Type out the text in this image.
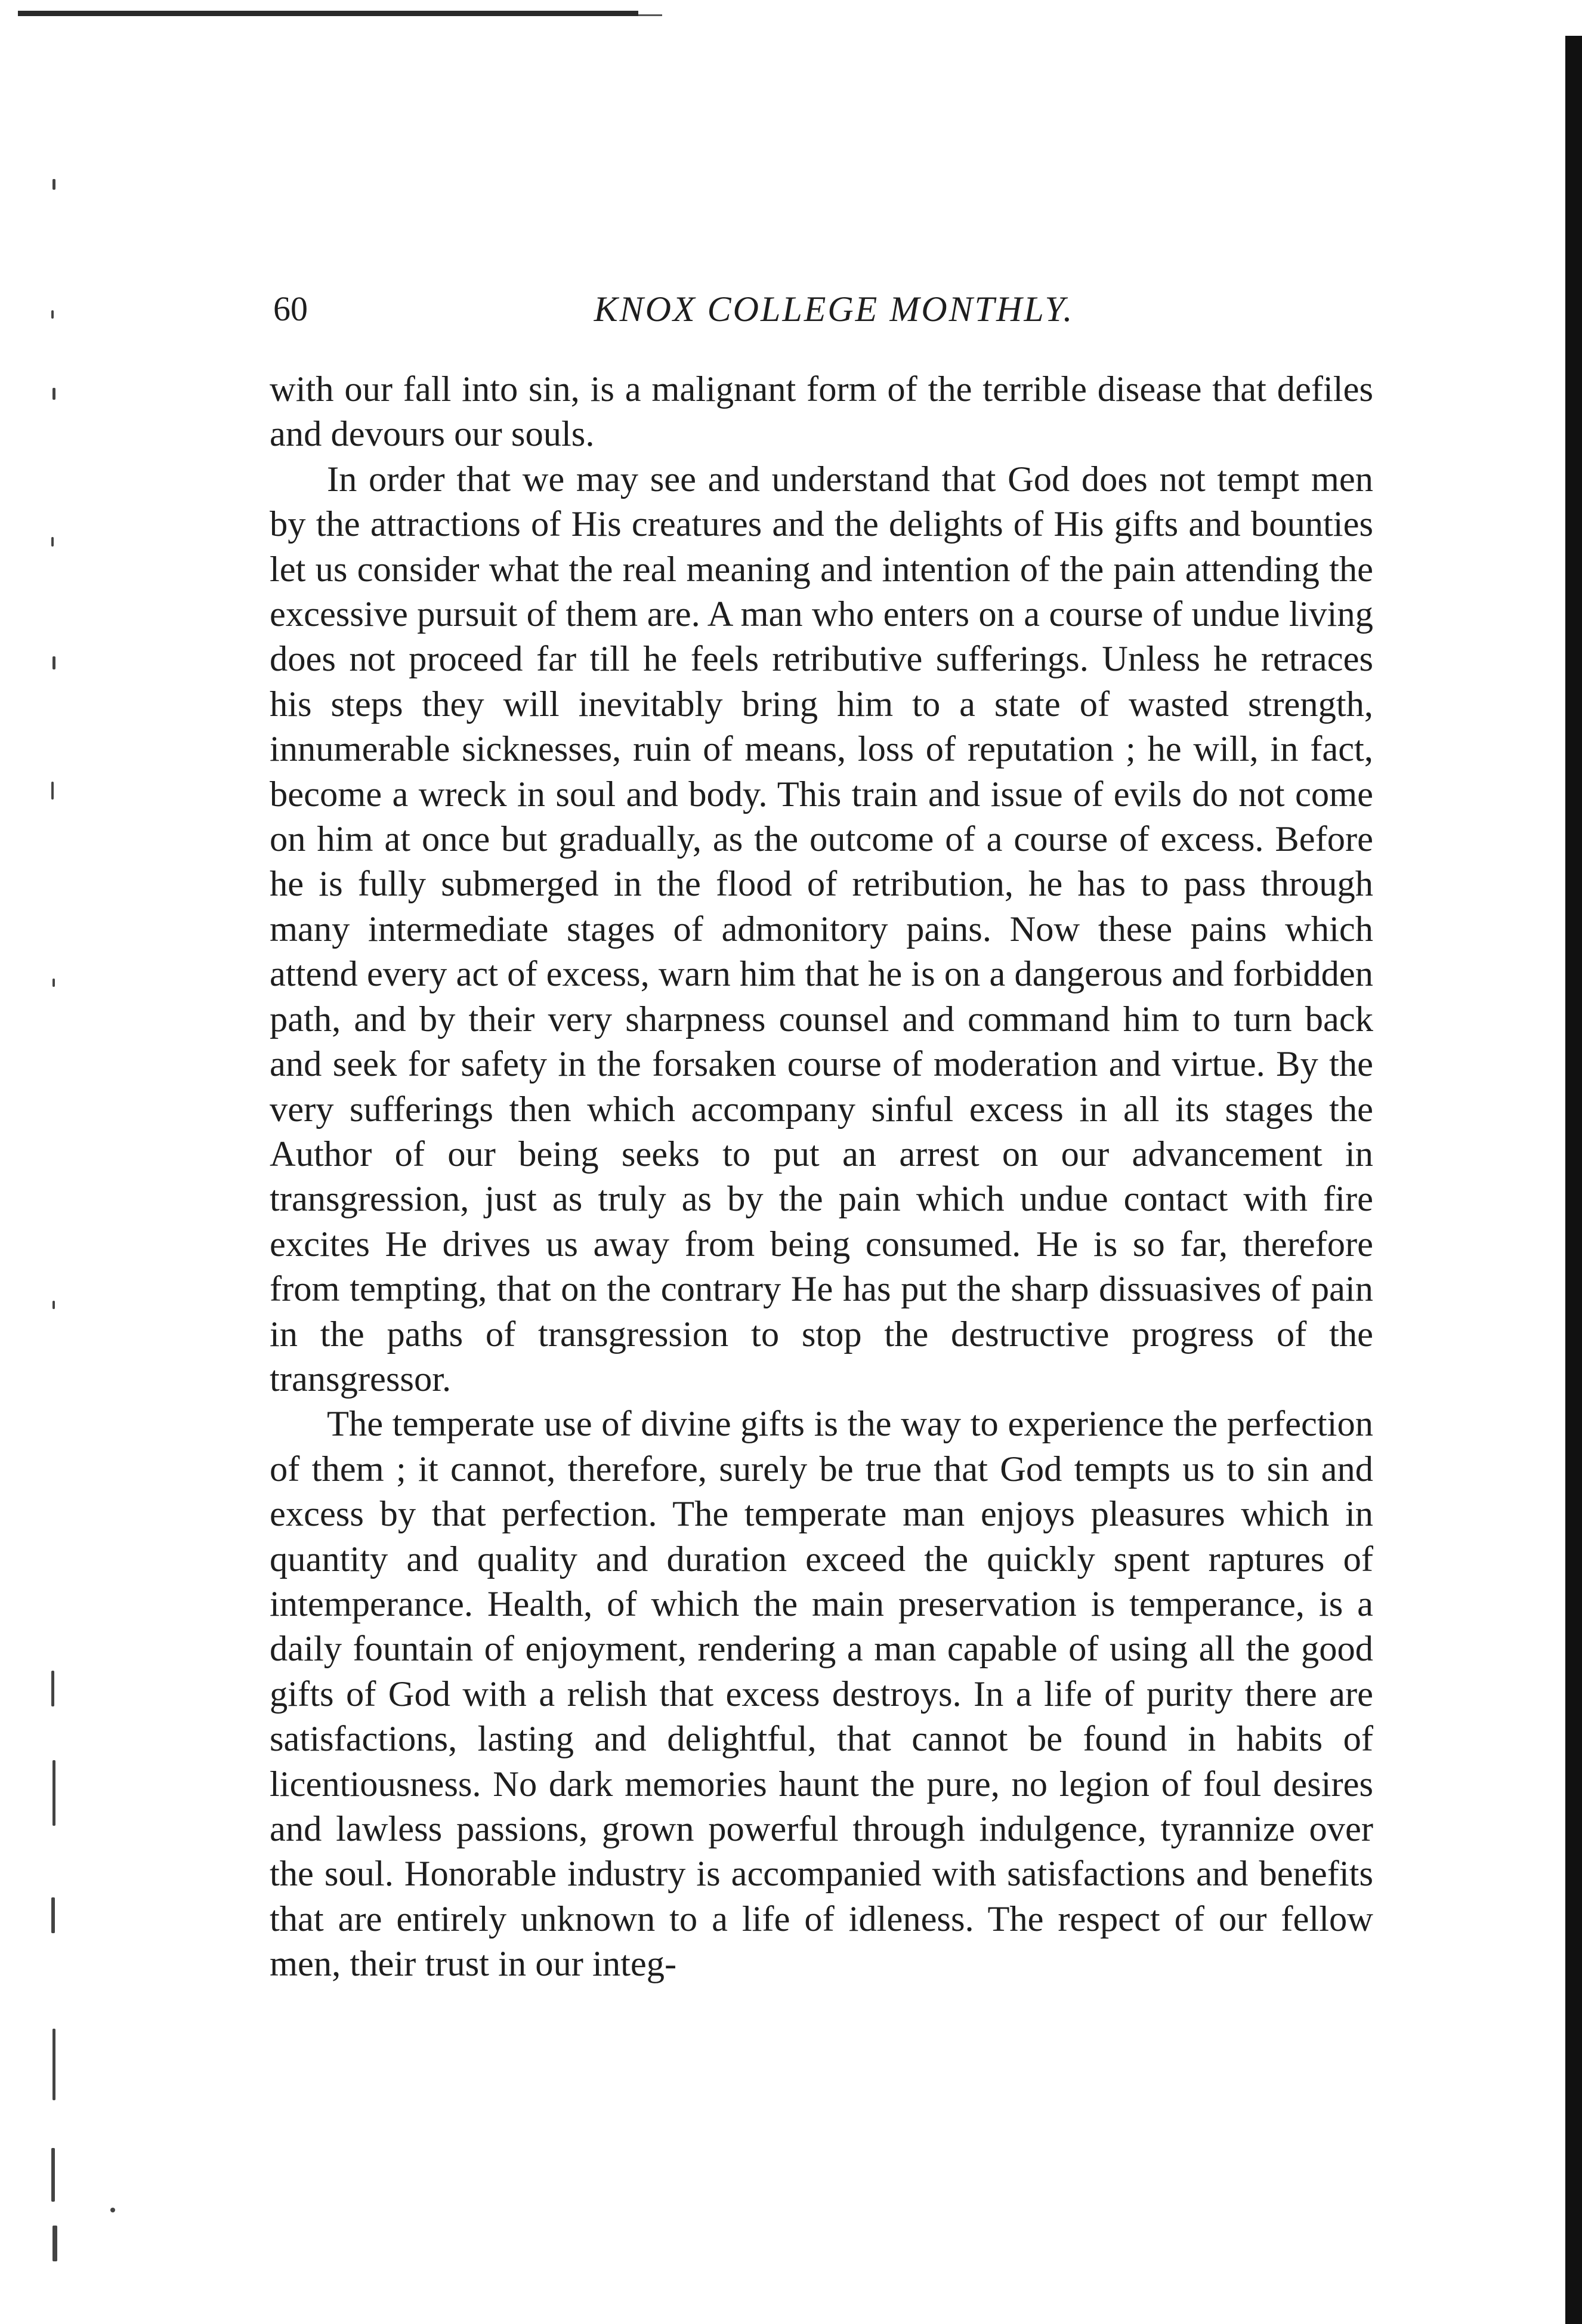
60	KNOX COLLEGE MONTHLY.

with our fall into sin, is a malignant form of the terrible disease that defiles and devours our souls.

In order that we may see and understand that God does not tempt men by the attractions of His creatures and the delights of His gifts and bounties let us consider what the real meaning and intention of the pain attending the excessive pursuit of them are. A man who enters on a course of undue living does not proceed far till he feels retributive sufferings. Unless he retraces his steps they will inevitably bring him to a state of wasted strength, innumerable sicknesses, ruin of means, loss of reputation ; he will, in fact, become a wreck in soul and body. This train and issue of evils do not come on him at once but gradually, as the outcome of a course of excess. Before he is fully submerged in the flood of retribution, he has to pass through many intermediate stages of admonitory pains. Now these pains which attend every act of excess, warn him that he is on a dangerous and forbidden path, and by their very sharpness counsel and command him to turn back and seek for safety in the forsaken course of moderation and virtue. By the very sufferings then which accompany sinful excess in all its stages the Author of our being seeks to put an arrest on our advancement in transgression, just as truly as by the pain which undue contact with fire excites He drives us away from being consumed. He is so far, therefore from tempting, that on the contrary He has put the sharp dissuasives of pain in the paths of transgression to stop the destructive progress of the transgressor.

The temperate use of divine gifts is the way to experience the perfection of them ; it cannot, therefore, surely be true that God tempts us to sin and excess by that perfection. The temperate man enjoys pleasures which in quantity and quality and duration exceed the quickly spent raptures of intemperance. Health, of which the main preservation is temperance, is a daily fountain of enjoyment, rendering a man capable of using all the good gifts of God with a relish that excess destroys. In a life of purity there are satisfactions, lasting and delightful, that cannot be found in habits of licentiousness. No dark memories haunt the pure, no legion of foul desires and lawless passions, grown powerful through indulgence, tyrannize over the soul. Honorable industry is accompanied with satisfactions and benefits that are entirely unknown to a life of idleness. The respect of our fellow men, their trust in our integ-
